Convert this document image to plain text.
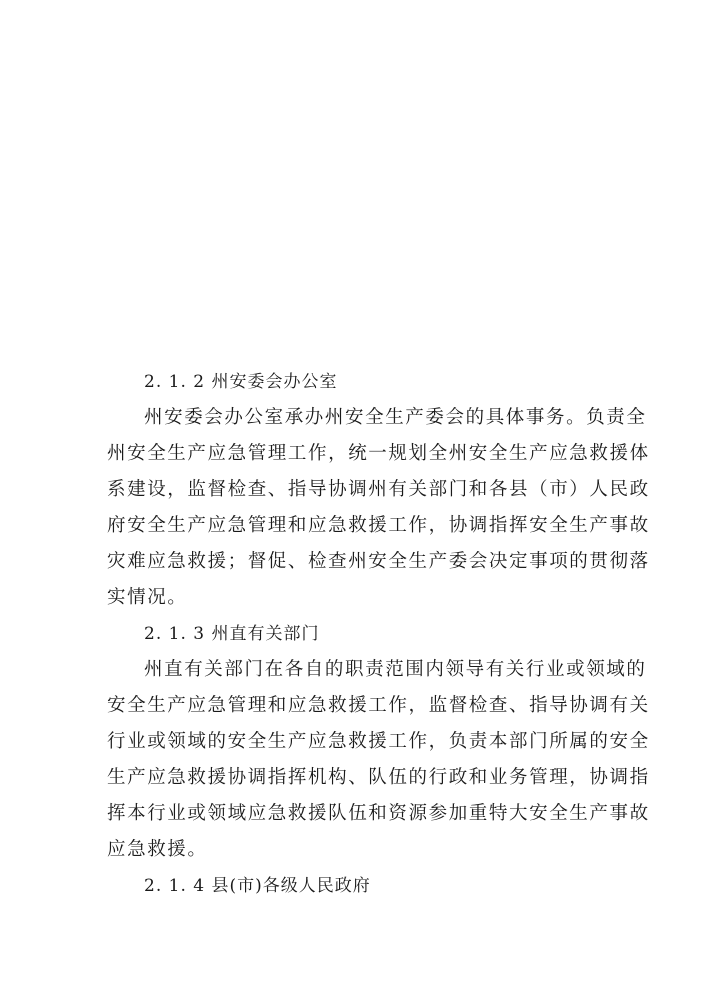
2. 1. 2 州安委会办公室
州安委会办公室承办州安全生产委会的具体事务。负责全
州安全生产应急管理工作，统一规划全州安全生产应急救援体
系建设，监督检查、指导协调州有关部门和各县（市）人民政
府安全生产应急管理和应急救援工作，协调指挥安全生产事故
灾难应急救援；督促、检查州安全生产委会决定事项的贯彻落
实情况。
2. 1. 3 州直有关部门
州直有关部门在各自的职责范围内领导有关行业或领域的
安全生产应急管理和应急救援工作，监督检查、指导协调有关
行业或领域的安全生产应急救援工作，负责本部门所属的安全
生产应急救援协调指挥机构、队伍的行政和业务管理，协调指
挥本行业或领域应急救援队伍和资源参加重特大安全生产事故
应急救援。
2. 1. 4 县(市)各级人民政府
